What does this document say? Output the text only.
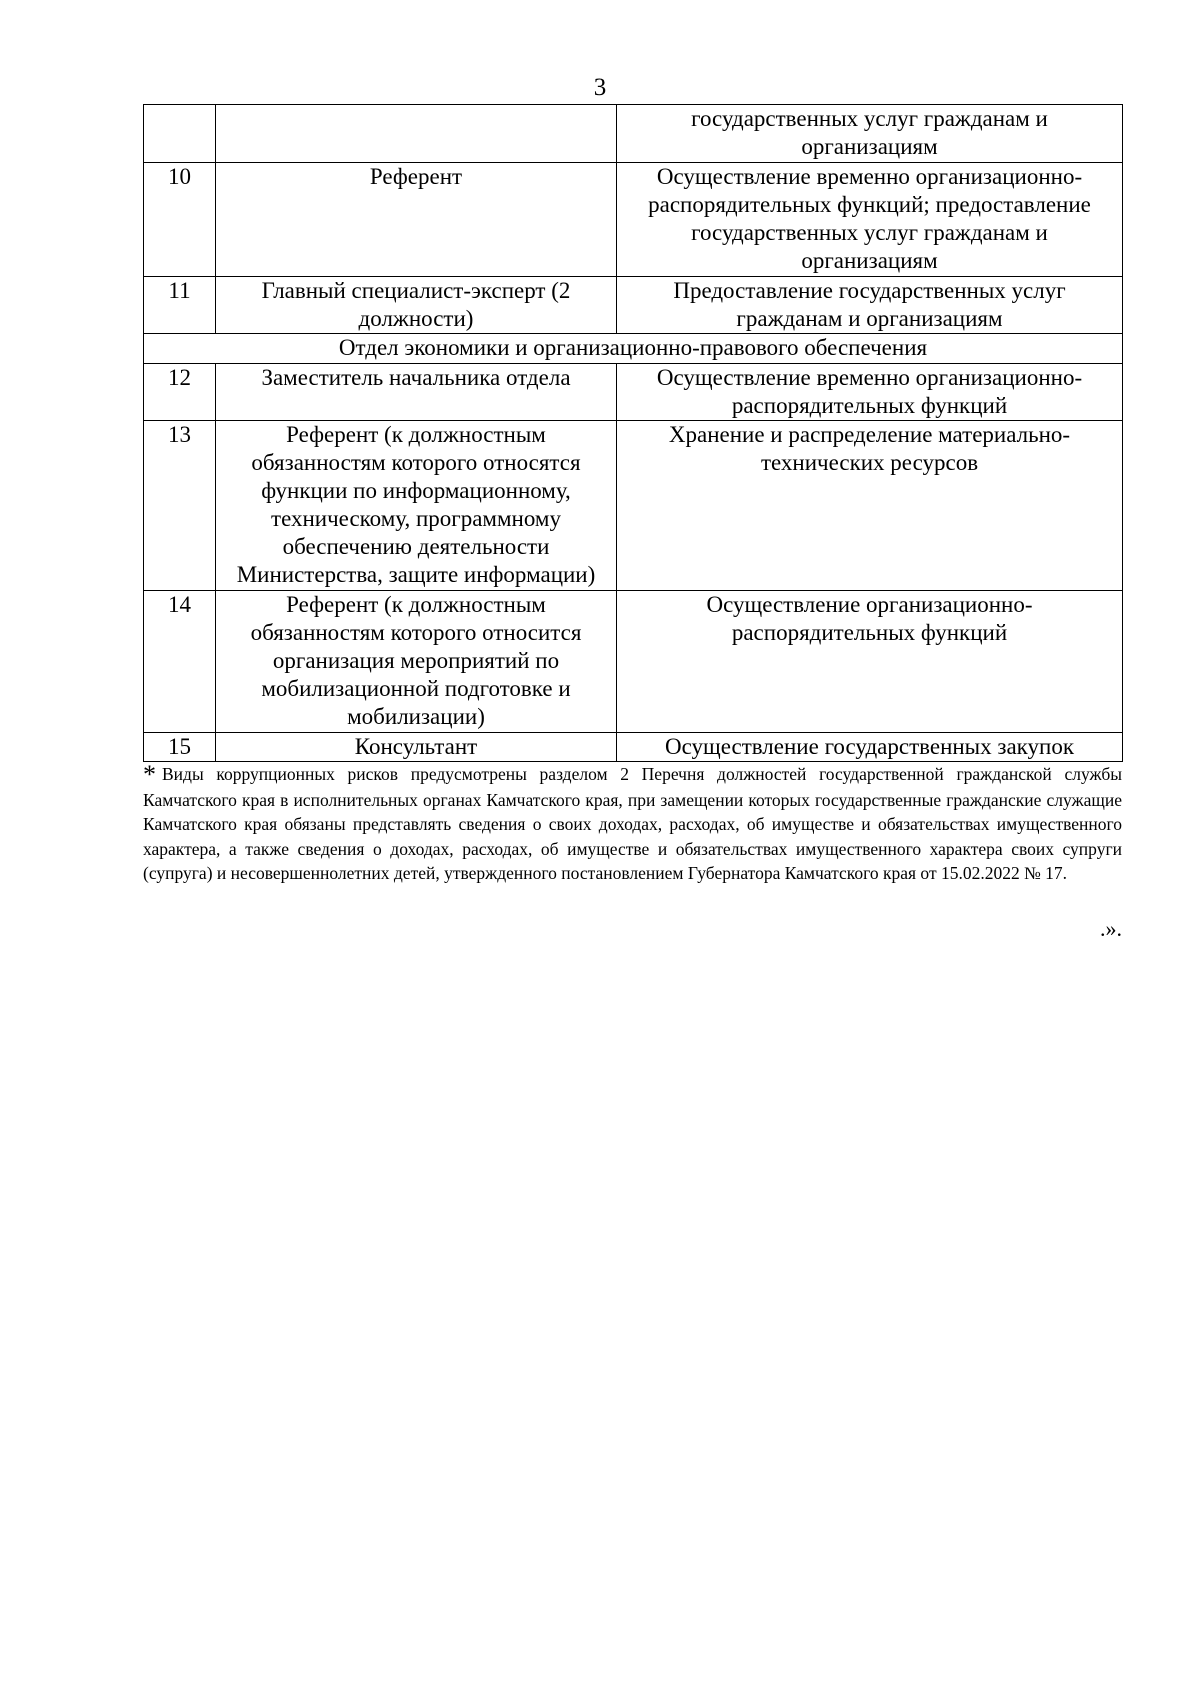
3
		государственных услуг гражданам и организациям
10	Референт	Осуществление временно организационно-распорядительных функций; предоставление государственных услуг гражданам и организациям
11	Главный специалист-эксперт (2 должности)	Предоставление государственных услуг гражданам и организациям
Отдел экономики и организационно-правового обеспечения		
12	Заместитель начальника отдела	Осуществление временно организационно-распорядительных функций
13	Референт (к должностным обязанностям которого относятся функции по информационному, техническому, программному обеспечению деятельности Министерства, защите информации)	Хранение и распределение материально-технических ресурсов
14	Референт (к должностным обязанностям которого относится организация мероприятий по мобилизационной подготовке и мобилизации)	Осуществление организационно-распорядительных функций
15	Консультант	Осуществление государственных закупок
* Виды коррупционных рисков предусмотрены разделом 2 Перечня должностей государственной гражданской службы Камчатского края в исполнительных органах Камчатского края, при замещении которых государственные гражданские служащие Камчатского края обязаны представлять сведения о своих доходах, расходах, об имуществе и обязательствах имущественного характера, а также сведения о доходах, расходах, об имуществе и обязательствах имущественного характера своих супруги (супруга) и несовершеннолетних детей, утвержденного постановлением Губернатора Камчатского края от 15.02.2022 № 17.
.».
